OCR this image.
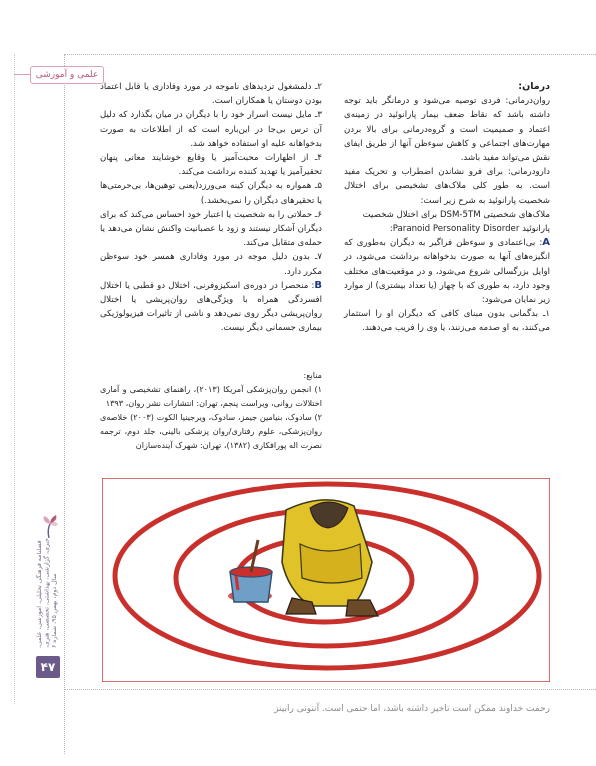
علمی و آموزشی

درمان:

روان‌درمانی: فردی توصیه می‌شود و درمانگر باید توجه داشته باشد که نقاط ضعف بیمار پارانوئید در زمینه‌ی اعتماد و صمیمیت است و گروه‌درمانی برای بالا بردن مهارت‌های اجتماعی و کاهش سوءظن آنها از طریق ایفای نقش می‌تواند مفید باشد.

دارودرمانی: برای فرو نشاندن اضطراب و تحریک مفید است. به طور کلی ملاک‌های تشخیصی برای اختلال شخصیت پارانوئید به شرح زیر است:

ملاک‌های شخصیتی DSM-5TM برای اختلال شخصیت

پارانوئید Paranoid Personality Disorder:

A: بی‌اعتمادی و سوءظن فراگیر به دیگران به‌طوری که انگیزه‌های آنها به صورت بدخواهانه برداشت می‌شود، در اوایل بزرگسالی شروع می‌شود، و در موقعیت‌های مختلف وجود دارد، به طوری که با چهار (یا تعداد بیشتری) از موارد زیر نمایان می‌شود:

۱ـ بدگمانی بدون مبنای کافی که دیگران او را استثمار می‌کنند، به او صدمه می‌زنند، یا وی را فریب می‌دهند.

۲ـ دلمشغول تردیدهای ناموجه در مورد وفاداری یا قابل اعتماد بودن دوستان یا همکاران است.

۳ـ مایل نیست اسرار خود را با دیگران در میان بگذارد که دلیل آن ترس بی‌جا در این‌باره است که از اطلاعات به صورت بدخواهانه علیه او استفاده خواهد شد.

۴ـ از اظهارات محبت‌آمیز یا وقایع خوشایند معانی پنهان تحقیرآمیز یا تهدید کننده برداشت می‌کند.

۵ـ همواره به دیگران کینه می‌ورزد(یعنی توهین‌ها، بی‌حرمتی‌ها یا تحقیرهای دیگران را نمی‌بخشد.)

۶ـ حملاتی را به شخصیت یا اعتبار خود احساس می‌کند که برای دیگران آشکار نیستند و زود با عصبانیت واکنش نشان می‌دهد یا حمله‌ی متقابل می‌کند.

۷ـ بدون دلیل موجه در مورد وفاداری همسر خود سوءظن مکرر دارد.

B: منحصرا در دوره‌ی اسکیزوفرنی، اختلال دو قطبی یا اختلال افسردگی همراه با ویژگی‌های روان‌پریشی یا اختلال روان‌پریشی دیگر روی نمی‌دهد و ناشی از تاثیرات فیزیولوژیکی بیماری جسمانی دیگر نیست.

منابع:

۱) انجمن روان‌پزشکی آمریکا (۲۰۱۳)، راهنمای تشخیصی و آماری اختلالات روانی، ویراست پنجم، تهران: انتشارات نشر روان، ۱۳۹۳

۲) سادوک، بنیامین جیمز، سادوک، ویرجینیا الکوت (۲۰۰۳) خلاصه‌ی روان‌پزشکی، علوم رفتاری/روان پزشکی بالینی، جلد دوم، ترجمه نصرت اله پورافکاری (۱۳۸۲)، تهران: شهرک آینده‌سازان

فصلنامه فرهنگی تحلیلی، آموزشی، علمی، خبری، گزارشی، بهداشتی، تخصصی، هنری، سال دوم، بهمن ۹۵، شماره ۶
۴۷
رحمت خداوند ممکن است تاخیر داشته باشد، اما حتمی است. آنتونی رابینز
